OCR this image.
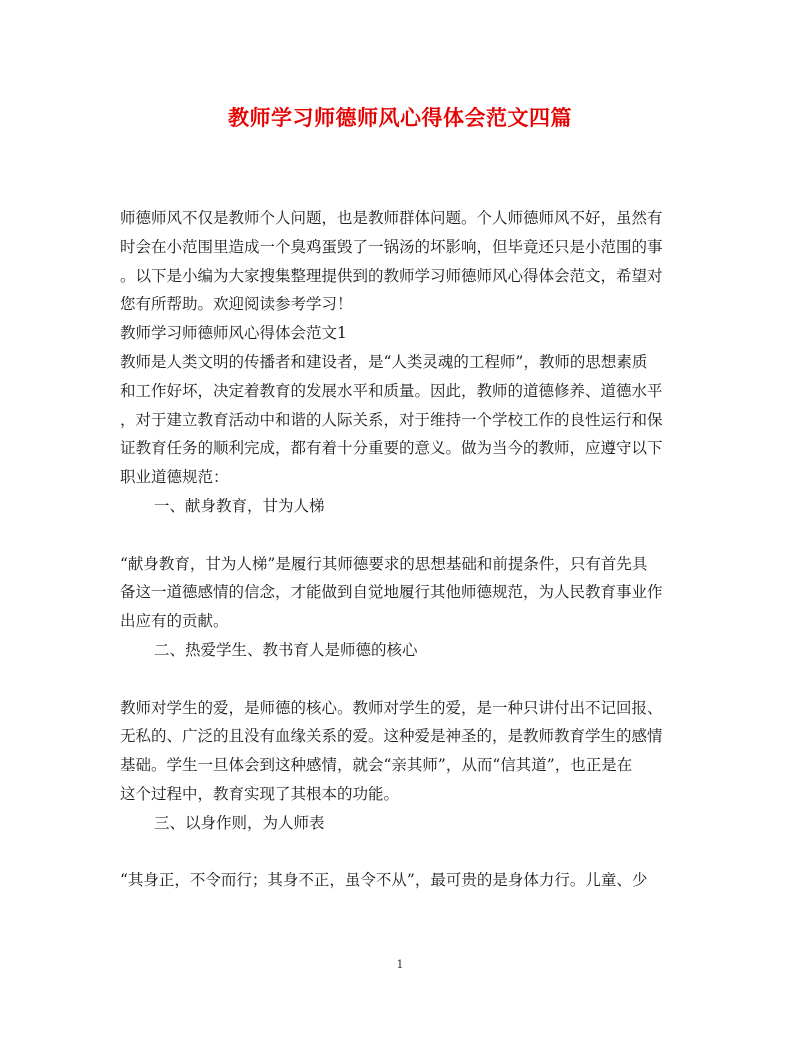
教师学习师德师风心得体会范文四篇
师德师风不仅是教师个人问题，也是教师群体问题。个人师德师风不好，虽然有
时会在小范围里造成一个臭鸡蛋毁了一锅汤的坏影响，但毕竟还只是小范围的事
。以下是小编为大家搜集整理提供到的教师学习师德师风心得体会范文，希望对
您有所帮助。欢迎阅读参考学习！
教师学习师德师风心得体会范文1
教师是人类文明的传播者和建设者，是“人类灵魂的工程师”，教师的思想素质
和工作好坏，决定着教育的发展水平和质量。因此，教师的道德修养、道德水平
，对于建立教育活动中和谐的人际关系，对于维持一个学校工作的良性运行和保
证教育任务的顺利完成，都有着十分重要的意义。做为当今的教师，应遵守以下
职业道德规范：
一、献身教育，甘为人梯
“献身教育，甘为人梯”是履行其师德要求的思想基础和前提条件，只有首先具
备这一道德感情的信念，才能做到自觉地履行其他师德规范，为人民教育事业作
出应有的贡献。
二、热爱学生、教书育人是师德的核心
教师对学生的爱，是师德的核心。教师对学生的爱，是一种只讲付出不记回报、
无私的、广泛的且没有血缘关系的爱。这种爱是神圣的，是教师教育学生的感情
基础。学生一旦体会到这种感情，就会“亲其师”，从而“信其道”，也正是在
这个过程中，教育实现了其根本的功能。
三、以身作则，为人师表
“其身正，不令而行；其身不正，虽令不从”，最可贵的是身体力行。儿童、少
1
